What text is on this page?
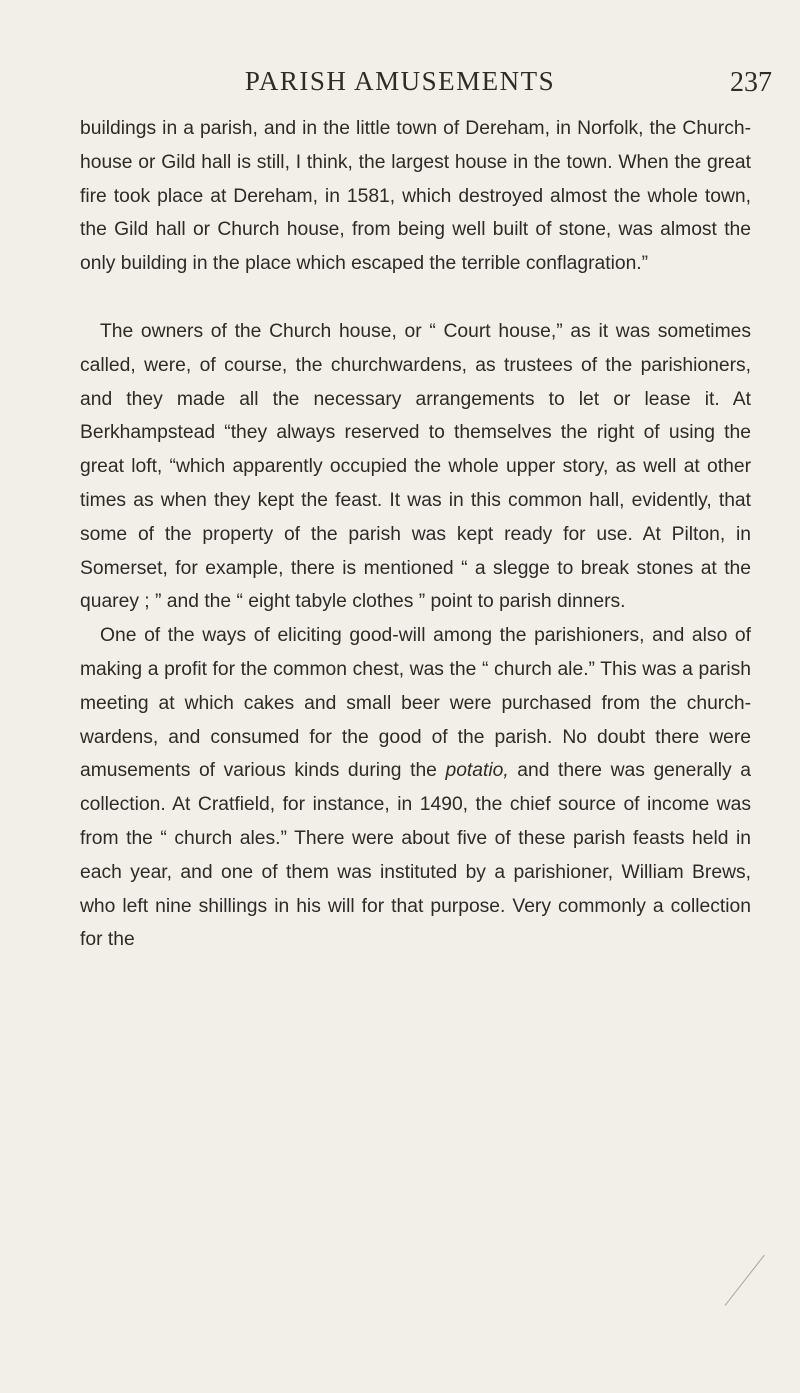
PARISH AMUSEMENTS	237

buildings in a parish, and in the little town of Dereham, in Norfolk, the Church-house or Gild hall is still, I think, the largest house in the town. When the great fire took place at Dereham, in 1581, which destroyed almost the whole town, the Gild hall or Church house, from being well built of stone, was almost the only building in the place which escaped the terrible conflagration.”

The owners of the Church house, or “ Court house,” as it was sometimes called, were, of course, the churchwardens, as trustees of the parishioners, and they made all the necessary arrangements to let or lease it. At Berkhampstead “they always reserved to themselves the right of using the great loft, “which apparently occupied the whole upper story, as well at other times as when they kept the feast. It was in this common hall, evidently, that some of the property of the parish was kept ready for use. At Pilton, in Somerset, for example, there is mentioned “ a slegge to break stones at the quarey ; ” and the “ eight tabyle clothes ” point to parish dinners.

One of the ways of eliciting good-will among the parishioners, and also of making a profit for the common chest, was the “ church ale.” This was a parish meeting at which cakes and small beer were purchased from the church-wardens, and consumed for the good of the parish. No doubt there were amusements of various kinds during the potatio, and there was generally a collection. At Cratfield, for instance, in 1490, the chief source of income was from the “ church ales.” There were about five of these parish feasts held in each year, and one of them was instituted by a parishioner, William Brews, who left nine shillings in his will for that purpose. Very commonly a collection for the
